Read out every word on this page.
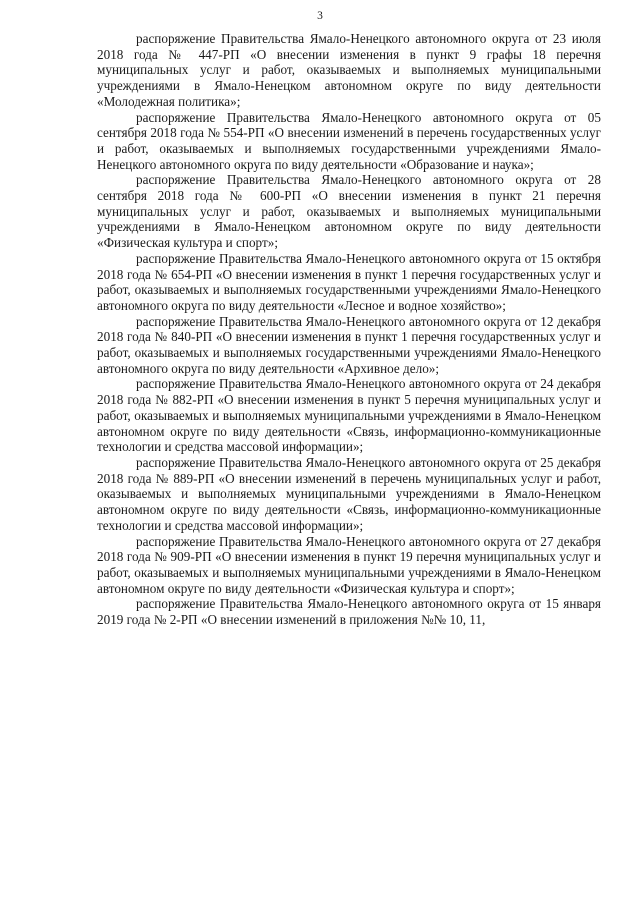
3

распоряжение Правительства Ямало-Ненецкого автономного округа от 23 июля 2018 года № 447-РП «О внесении изменения в пункт 9 графы 18 перечня муниципальных услуг и работ, оказываемых и выполняемых муниципальными учреждениями в Ямало-Ненецком автономном округе по виду деятельности «Молодежная политика»;

распоряжение Правительства Ямало-Ненецкого автономного округа от 05 сентября 2018 года № 554-РП «О внесении изменений в перечень государственных услуг и работ, оказываемых и выполняемых государственными учреждениями Ямало-Ненецкого автономного округа по виду деятельности «Образование и наука»;

распоряжение Правительства Ямало-Ненецкого автономного округа от 28 сентября 2018 года № 600-РП «О внесении изменения в пункт 21 перечня муниципальных услуг и работ, оказываемых и выполняемых муниципальными учреждениями в Ямало-Ненецком автономном округе по виду деятельности «Физическая культура и спорт»;

распоряжение Правительства Ямало-Ненецкого автономного округа от 15 октября 2018 года № 654-РП «О внесении изменения в пункт 1 перечня государственных услуг и работ, оказываемых и выполняемых государственными учреждениями Ямало-Ненецкого автономного округа по виду деятельности «Лесное и водное хозяйство»;

распоряжение Правительства Ямало-Ненецкого автономного округа от 12 декабря 2018 года № 840-РП «О внесении изменения в пункт 1 перечня государственных услуг и работ, оказываемых и выполняемых государственными учреждениями Ямало-Ненецкого автономного округа по виду деятельности «Архивное дело»;

распоряжение Правительства Ямало-Ненецкого автономного округа от 24 декабря 2018 года № 882-РП «О внесении изменения в пункт 5 перечня муниципальных услуг и работ, оказываемых и выполняемых муниципальными учреждениями в Ямало-Ненецком автономном округе по виду деятельности «Связь, информационно-коммуникационные технологии и средства массовой информации»;

распоряжение Правительства Ямало-Ненецкого автономного округа от 25 декабря 2018 года № 889-РП «О внесении изменений в перечень муниципальных услуг и работ, оказываемых и выполняемых муниципальными учреждениями в Ямало-Ненецком автономном округе по виду деятельности «Связь, информационно-коммуникационные технологии и средства массовой информации»;

распоряжение Правительства Ямало-Ненецкого автономного округа от 27 декабря 2018 года № 909-РП «О внесении изменения в пункт 19 перечня муниципальных услуг и работ, оказываемых и выполняемых муниципальными учреждениями в Ямало-Ненецком автономном округе по виду деятельности «Физическая культура и спорт»;

распоряжение Правительства Ямало-Ненецкого автономного округа от 15 января 2019 года № 2-РП «О внесении изменений в приложения №№ 10, 11,
